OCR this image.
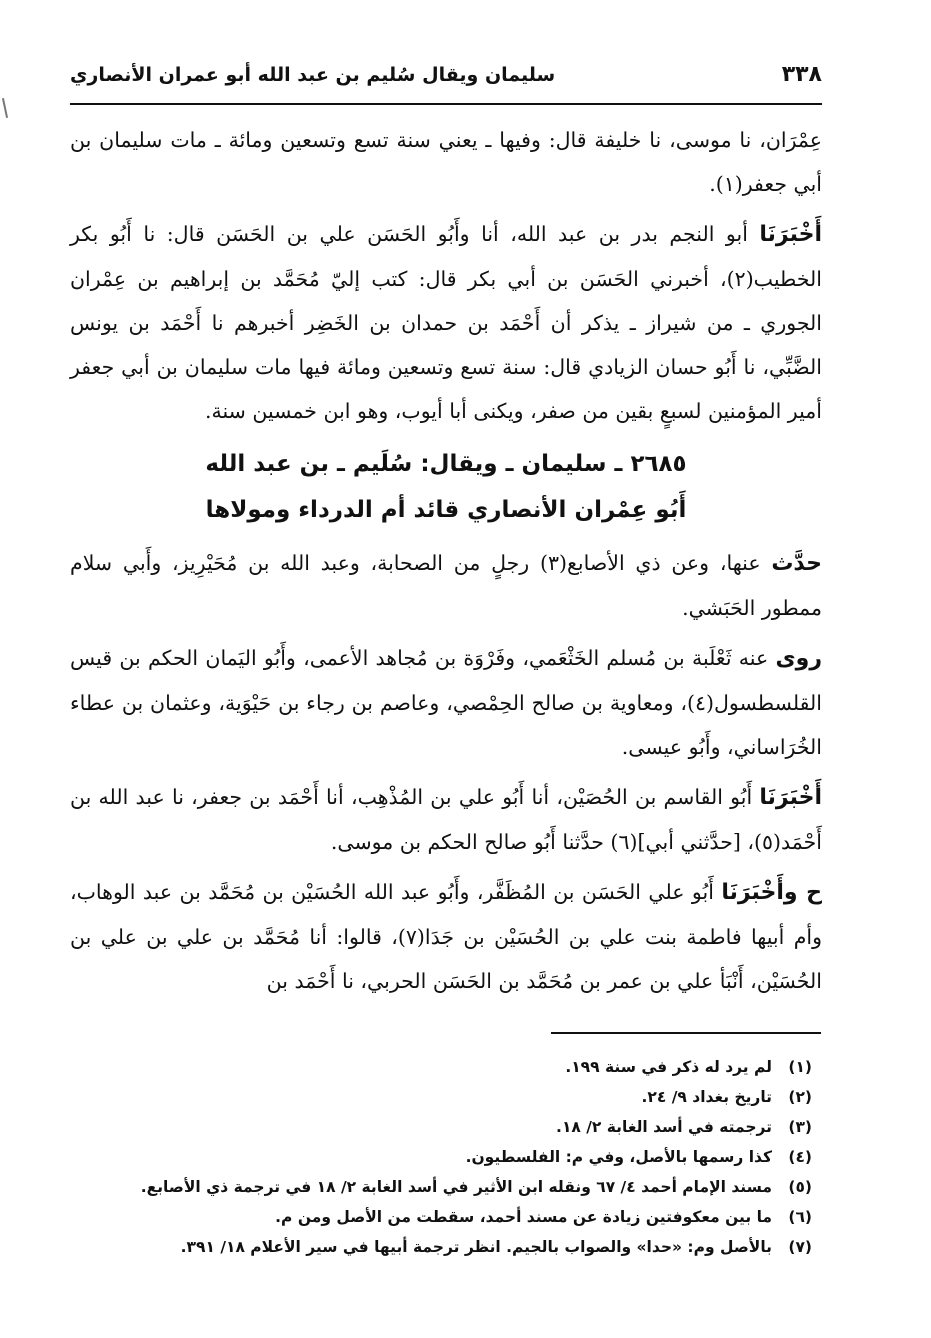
٣٣٨
سليمان ويقال سُليم بن عبد الله أبو عمران الأنصاري

عِمْرَان، نا موسى، نا خليفة قال: وفيها ـ يعني سنة تسع وتسعين ومائة ـ مات سليمان بن أبي جعفر(١).

أَخْبَرَنَا أبو النجم بدر بن عبد الله، أنا وأَبُو الحَسَن علي بن الحَسَن قال: نا أَبُو بكر الخطيب(٢)، أخبرني الحَسَن بن أبي بكر قال: كتب إليّ مُحَمَّد بن إبراهيم بن عِمْران الجوري ـ من شيراز ـ يذكر أن أَحْمَد بن حمدان بن الخَضِر أخبرهم نا أَحْمَد بن يونس الضَّبِّي، نا أَبُو حسان الزيادي قال: سنة تسع وتسعين ومائة فيها مات سليمان بن أبي جعفر أمير المؤمنين لسبعٍ بقين من صفر، ويكنى أبا أيوب، وهو ابن خمسين سنة.

٢٦٨٥ ـ سليمان ـ ويقال: سُلَيم ـ بن عبد الله

أَبُو عِمْران الأنصاري قائد أم الدرداء ومولاها

حدَّث عنها، وعن ذي الأصابع(٣) رجلٍ من الصحابة، وعبد الله بن مُحَيْرِيز، وأَبي سلام ممطور الحَبَشي.

روى عنه ثَعْلَبة بن مُسلم الخَثْعَمي، وفَرْوَة بن مُجاهد الأعمى، وأَبُو اليَمان الحكم بن قيس القلسطسول(٤)، ومعاوية بن صالح الحِمْصي، وعاصم بن رجاء بن حَيْوَية، وعثمان بن عطاء الخُرَاساني، وأَبُو عيسى.

أَخْبَرَنَا أَبُو القاسم بن الحُصَيْن، أنا أَبُو علي بن المُذْهِب، أنا أَحْمَد بن جعفر، نا عبد الله بن أَحْمَد(٥)، [حدَّثني أبي](٦) حدَّثنا أَبُو صالح الحكم بن موسى.

ح وأَخْبَرَنَا أَبُو علي الحَسَن بن المُظَفَّر، وأَبُو عبد الله الحُسَيْن بن مُحَمَّد بن عبد الوهاب، وأم أبيها فاطمة بنت علي بن الحُسَيْن بن جَدَا(٧)، قالوا: أنا مُحَمَّد بن علي بن علي بن الحُسَيْن، أَنْبَأ علي بن عمر بن مُحَمَّد بن الحَسَن الحربي، نا أَحْمَد بن

(١)
لم يرد له ذكر في سنة ١٩٩.
(٢)
تاريخ بغداد ٩/ ٢٤.
(٣)
ترجمته في أسد الغابة ٢/ ١٨.
(٤)
كذا رسمها بالأصل، وفي م: الفلسطيون.
(٥)
مسند الإمام أحمد ٤/ ٦٧ ونقله ابن الأثير في أسد الغابة ٢/ ١٨ في ترجمة ذي الأصابع.
(٦)
ما بين معكوفتين زيادة عن مسند أحمد، سقطت من الأصل ومن م.
(٧)
بالأصل وم: «حدا» والصواب بالجيم. انظر ترجمة أبيها في سير الأعلام ١٨/ ٣٩١.
